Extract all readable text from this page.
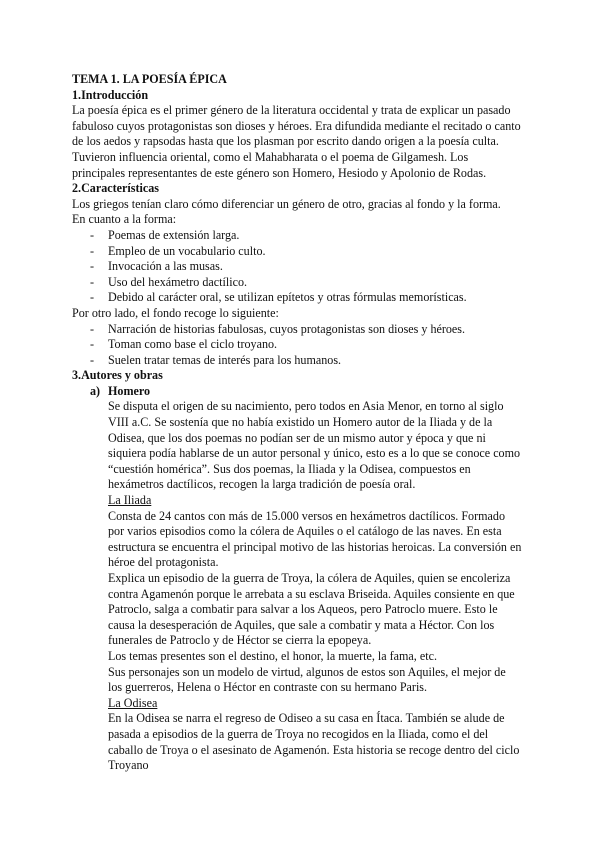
TEMA 1. LA POESÍA ÉPICA

1.Introducción

La poesía épica es el primer género de la literatura occidental y trata de explicar un pasado fabuloso cuyos protagonistas son dioses y héroes. Era difundida mediante el recitado o canto de los aedos y rapsodas hasta que los plasman por escrito dando origen a la poesía culta. Tuvieron influencia oriental, como el Mahabharata o el poema de Gilgamesh. Los principales representantes de este género son Homero, Hesiodo y Apolonio de Rodas.

2.Características

Los griegos tenían claro cómo diferenciar un género de otro, gracias al fondo y la forma.

En cuanto a la forma:

- Poemas de extensión larga.
- Empleo de un vocabulario culto.
- Invocación a las musas.
- Uso del hexámetro dactílico.
- Debido al carácter oral, se utilizan epítetos y otras fórmulas memorísticas.

Por otro lado, el fondo recoge lo siguiente:

- Narración de historias fabulosas, cuyos protagonistas son dioses y héroes.
- Toman como base el ciclo troyano.
- Suelen tratar temas de interés para los humanos.

3.Autores y obras

a) Homero

Se disputa el origen de su nacimiento, pero todos en Asia Menor, en torno al siglo VIII a.C. Se sostenía que no había existido un Homero autor de la Iliada y de la Odisea, que los dos poemas no podían ser de un mismo autor y época y que ni siquiera podía hablarse de un autor personal y único, esto es a lo que se conoce como “cuestión homérica”. Sus dos poemas, la Iliada y la Odisea, compuestos en hexámetros dactílicos, recogen la larga tradición de poesía oral.

La Iliada

Consta de 24 cantos con más de 15.000 versos en hexámetros dactílicos. Formado por varios episodios como la cólera de Aquiles o el catálogo de las naves. En esta estructura se encuentra el principal motivo de las historias heroicas. La conversión en héroe del protagonista.

Explica un episodio de la guerra de Troya, la cólera de Aquiles, quien se encoleriza contra Agamenón porque le arrebata a su esclava Briseida. Aquiles consiente en que Patroclo, salga a combatir para salvar a los Aqueos, pero Patroclo muere. Esto le causa la desesperación de Aquiles, que sale a combatir y mata a Héctor. Con los funerales de Patroclo y de Héctor se cierra la epopeya.

Los temas presentes son el destino, el honor, la muerte, la fama, etc.

Sus personajes son un modelo de virtud, algunos de estos son Aquiles, el mejor de los guerreros, Helena o Héctor en contraste con su hermano Paris.

La Odisea

En la Odisea se narra el regreso de Odiseo a su casa en Ítaca. También se alude de pasada a episodios de la guerra de Troya no recogidos en la Iliada, como el del caballo de Troya o el asesinato de Agamenón. Esta historia se recoge dentro del ciclo Troyano
